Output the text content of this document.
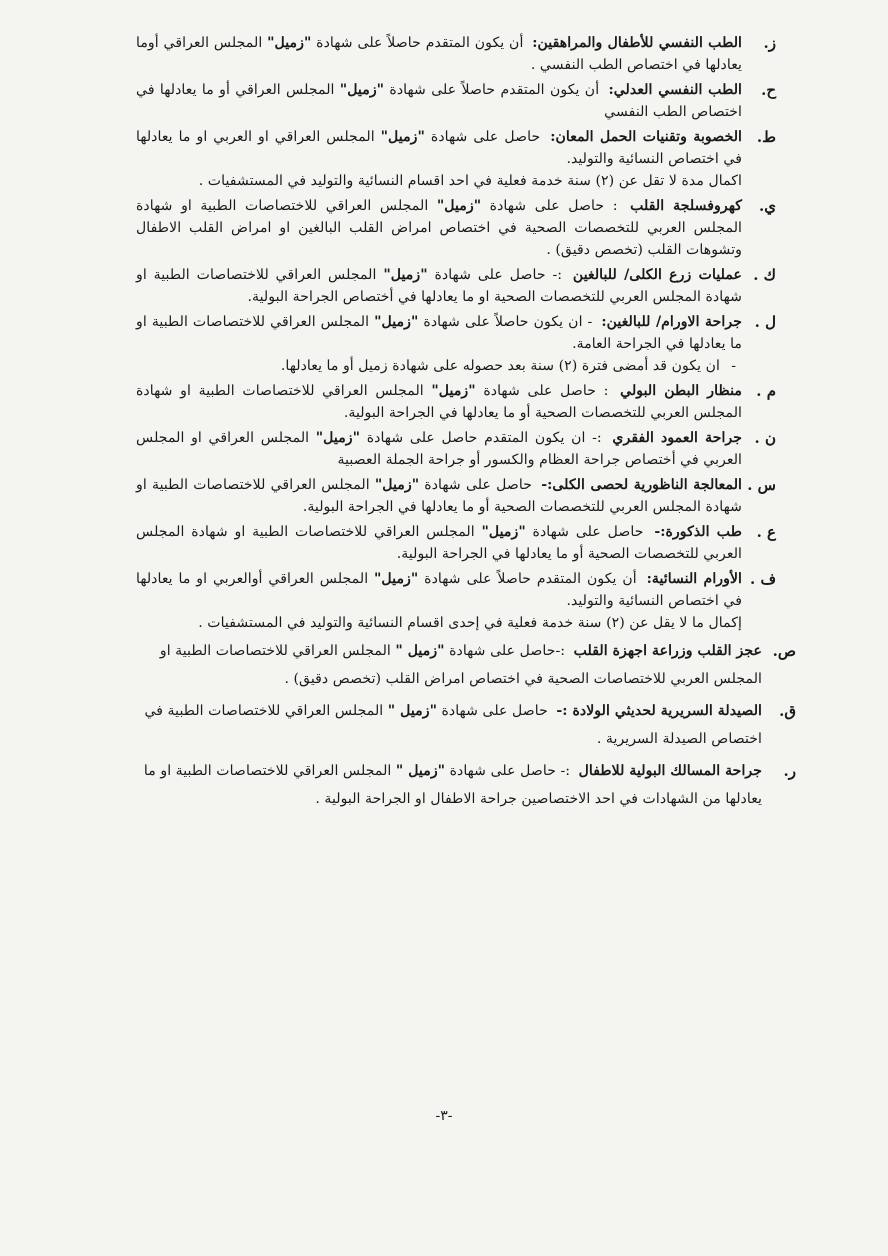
ز.
الطب النفسي للأطفال والمراهقين: أن يكون المتقدم حاصلاً على شهادة "زميل" المجلس العراقي أوما يعادلها في اختصاص الطب النفسي .
ح.
الطب النفسي العدلي: أن يكون المتقدم حاصلاً على شهادة "زميل" المجلس العراقي أو ما يعادلها في اختصاص الطب النفسي
ط.
الخصوبة وتقنيات الحمل المعان: حاصل على شهادة "زميل" المجلس العراقي او العربي او ما يعادلها في اختصاص النسائية والتوليد.
اكمال مدة لا تقل عن (٢) سنة خدمة فعلية في احد اقسام النسائية والتوليد في المستشفيات .
ي.
كهروفسلجة القلب : حاصل على شهادة "زميل" المجلس العراقي للاختصاصات الطبية او شهادة المجلس العربي للتخصصات الصحية في اختصاص امراض القلب البالغين او امراض القلب الاطفال وتشوهات القلب (تخصص دقيق) .
ك .
عمليات زرع الكلى/ للبالغين :- حاصل على شهادة "زميل" المجلس العراقي للاختصاصات الطبية او شهادة المجلس العربي للتخصصات الصحية او ما يعادلها في أختصاص الجراحة البولية.
ل .
جراحة الاورام/ للبالغين: - ان يكون حاصلاً على شهادة "زميل" المجلس العراقي للاختصاصات الطبية او ما يعادلها في الجراحة العامة.
- ان يكون قد أمضى فترة (٢) سنة بعد حصوله على شهادة زميل أو ما يعادلها.
م .
منظار البطن البولي : حاصل على شهادة "زميل" المجلس العراقي للاختصاصات الطبية او شهادة المجلس العربي للتخصصات الصحية أو ما يعادلها في الجراحة البولية.
ن .
جراحة العمود الفقري :- ان يكون المتقدم حاصل على شهادة "زميل" المجلس العراقي او المجلس العربي في أختصاص جراحة العظام والكسور أو جراحة الجملة العصبية
س .
المعالجة الناظورية لحصى الكلى:- حاصل على شهادة "زميل" المجلس العراقي للاختصاصات الطبية او شهادة المجلس العربي للتخصصات الصحية أو ما يعادلها في الجراحة البولية.
ع .
طب الذكورة:- حاصل على شهادة "زميل" المجلس العراقي للاختصاصات الطبية او شهادة المجلس العربي للتخصصات الصحية أو ما يعادلها في الجراحة البولية.
ف .
الأورام النسائية: أن يكون المتقدم حاصلاً على شهادة "زميل" المجلس العراقي أوالعربي او ما يعادلها في اختصاص النسائية والتوليد.
إكمال ما لا يقل عن (٢) سنة خدمة فعلية في إحدى اقسام النسائية والتوليد في المستشفيات .
ص.
عجز القلب وزراعة اجهزة القلب :-حاصل على شهادة "زميل " المجلس العراقي للاختصاصات الطبية او المجلس العربي للاختصاصات الصحية في اختصاص امراض القلب (تخصص دقيق) .
ق.
الصيدلة السريرية لحديثي الولادة :- حاصل على شهادة "زميل " المجلس العراقي للاختصاصات الطبية في اختصاص الصيدلة السريرية .
ر.
جراحة المسالك البولية للاطفال :- حاصل على شهادة "زميل " المجلس العراقي للاختصاصات الطبية او ما يعادلها من الشهادات في احد الاختصاصين جراحة الاطفال او الجراحة البولية .
-٣-
